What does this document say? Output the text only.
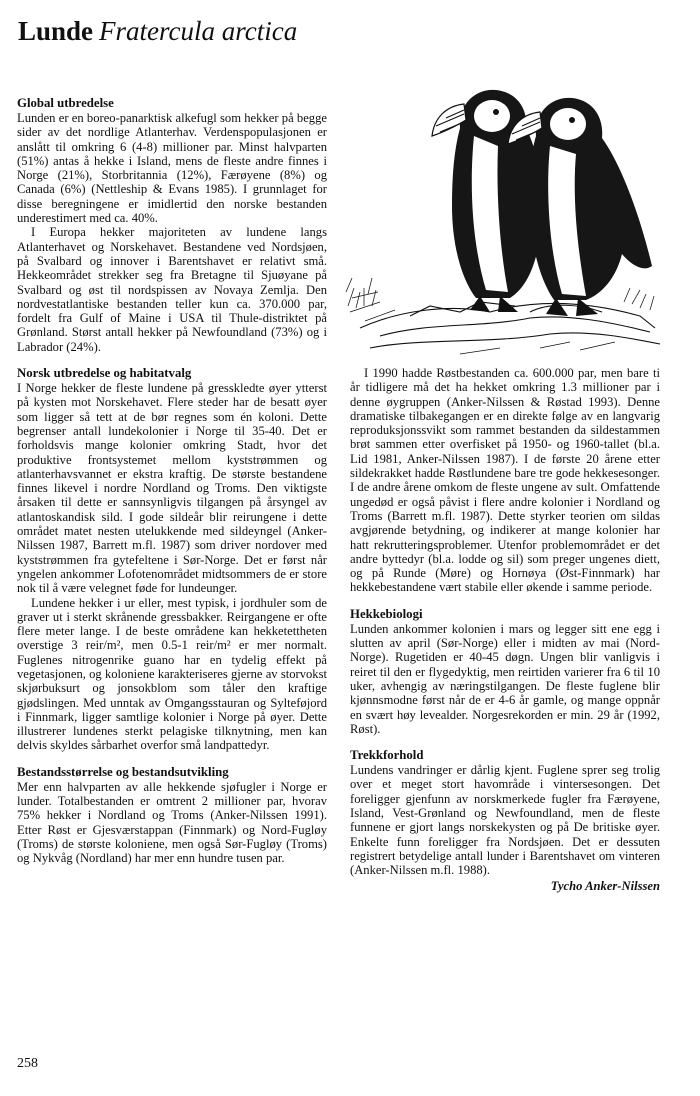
Lunde Fratercula arctica
Global utbredelse

Lunden er en boreo-panarktisk alkefugl som hekker på begge sider av det nordlige Atlanterhav. Verdenspopulasjonen er anslått til omkring 6 (4-8) millioner par. Minst halvparten (51%) antas å hekke i Island, mens de fleste andre finnes i Norge (21%), Storbritannia (12%), Færøyene (8%) og Canada (6%) (Nettleship & Evans 1985). I grunnlaget for disse beregningene er imidlertid den norske bestanden underestimert med ca. 40%.

I Europa hekker majoriteten av lundene langs Atlanterhavet og Norskehavet. Bestandene ved Nordsjøen, på Svalbard og innover i Barentshavet er relativt små. Hekkeområdet strekker seg fra Bretagne til Sjuøyane på Svalbard og øst til nordspissen av Novaya Zemlja. Den nordvestatlantiske bestanden teller kun ca. 370.000 par, fordelt fra Gulf of Maine i USA til Thule-distriktet på Grønland. Størst antall hekker på Newfoundland (73%) og i Labrador (24%).

Norsk utbredelse og habitatvalg

I Norge hekker de fleste lundene på gresskledte øyer ytterst på kysten mot Norskehavet. Flere steder har de besatt øyer som ligger så tett at de bør regnes som én koloni. Dette begrenser antall lundekolonier i Norge til 35-40. Det er forholdsvis mange kolonier omkring Stadt, hvor det produktive frontsystemet mellom kyststrømmen og atlanterhavsvannet er ekstra kraftig. De største bestandene finnes likevel i nordre Nordland og Troms. Den viktigste årsaken til dette er sannsynligvis tilgangen på årsyngel av atlantoskandisk sild. I gode sildeår blir reirungene i dette området matet nesten utelukkende med sildeyngel (Anker-Nilssen 1987, Barrett m.fl. 1987) som driver nordover med kyststrømmen fra gytefeltene i Sør-Norge. Det er først når yngelen ankommer Lofotenområdet midtsommers de er store nok til å være velegnet føde for lundeunger.

Lundene hekker i ur eller, mest typisk, i jordhuler som de graver ut i sterkt skrånende gressbakker. Reirgangene er ofte flere meter lange. I de beste områdene kan hekketettheten overstige 3 reir/m², men 0.5-1 reir/m² er mer normalt. Fuglenes nitrogenrike guano har en tydelig effekt på vegetasjonen, og koloniene karakteriseres gjerne av storvokst skjørbuksurt og jonsokblom som tåler den kraftige gjødslingen. Med unntak av Omgangsstauran og Sylteføjord i Finnmark, ligger samtlige kolonier i Norge på øyer. Dette illustrerer lundenes sterkt pelagiske tilknytning, men kan delvis skyldes sårbarhet overfor små landpattedyr.

Bestandsstørrelse og bestandsutvikling

Mer enn halvparten av alle hekkende sjøfugler i Norge er lunder. Totalbestanden er omtrent 2 millioner par, hvorav 75% hekker i Nordland og Troms (Anker-Nilssen 1991). Etter Røst er Gjesværstappan (Finnmark) og Nord-Fugløy (Troms) de største koloniene, men også Sør-Fugløy (Troms) og Nykvåg (Nordland) har mer enn hundre tusen par.

I 1990 hadde Røstbestanden ca. 600.000 par, men bare ti år tidligere må det ha hekket omkring 1.3 millioner par i denne øygruppen (Anker-Nilssen & Røstad 1993). Denne dramatiske tilbakegangen er en direkte følge av en langvarig reproduksjonssvikt som rammet bestanden da sildestammen brøt sammen etter overfisket på 1950- og 1960-tallet (bl.a. Lid 1981, Anker-Nilssen 1987). I de første 20 årene etter sildekrakket hadde Røstlundene bare tre gode hekkesesonger. I de andre årene omkom de fleste ungene av sult. Omfattende ungedød er også påvist i flere andre kolonier i Nordland og Troms (Barrett m.fl. 1987). Dette styrker teorien om sildas avgjørende betydning, og indikerer at mange kolonier har hatt rekrutteringsproblemer. Utenfor problemområdet er det andre byttedyr (bl.a. lodde og sil) som preger ungenes diett, og på Runde (Møre) og Hornøya (Øst-Finnmark) har hekkebestandene vært stabile eller økende i samme periode.

Hekkebiologi

Lunden ankommer kolonien i mars og legger sitt ene egg i slutten av april (Sør-Norge) eller i midten av mai (Nord-Norge). Rugetiden er 40-45 døgn. Ungen blir vanligvis i reiret til den er flygedyktig, men reirtiden varierer fra 6 til 10 uker, avhengig av næringstilgangen. De fleste fuglene blir kjønnsmodne først når de er 4-6 år gamle, og mange oppnår en svært høy levealder. Norgesrekorden er min. 29 år (1992, Røst).

Trekkforhold

Lundens vandringer er dårlig kjent. Fuglene sprer seg trolig over et meget stort havområde i vintersesongen. Det foreligger gjenfunn av norskmerkede fugler fra Færøyene, Island, Vest-Grønland og Newfoundland, men de fleste funnene er gjort langs norskekysten og på De britiske øyer. Enkelte funn foreligger fra Nordsjøen. Det er dessuten registrert betydelige antall lunder i Barentshavet om vinteren (Anker-Nilssen m.fl. 1988).

Tycho Anker-Nilssen
258
